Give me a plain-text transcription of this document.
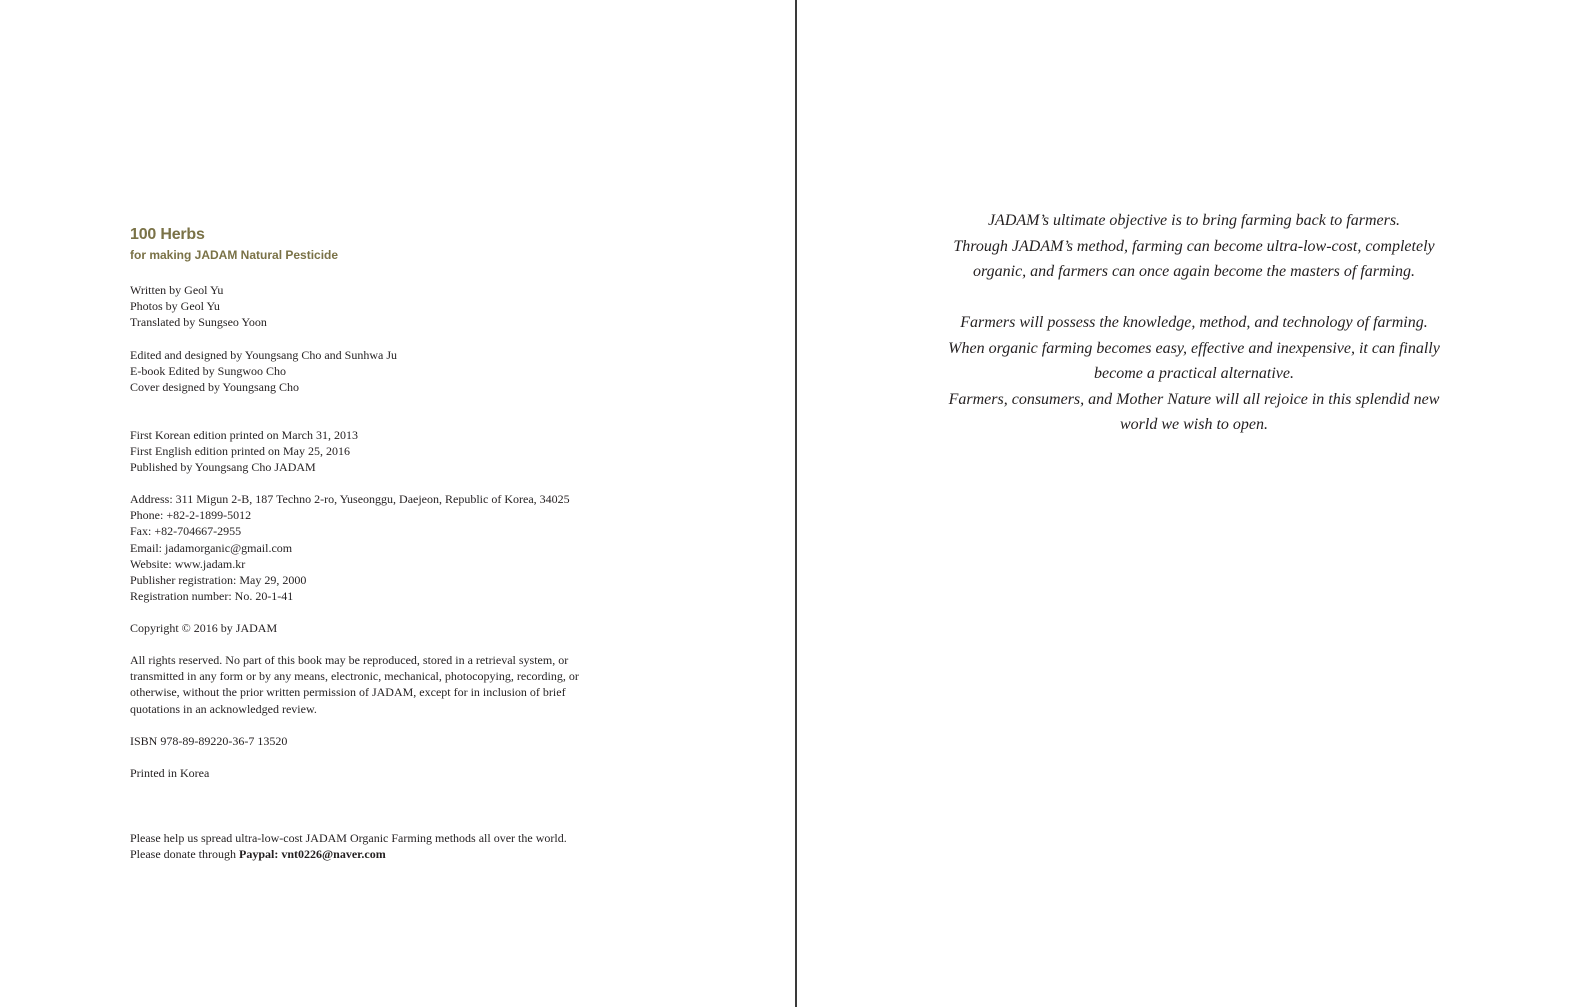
100 Herbs
for making JADAM Natural Pesticide
Written by Geol Yu
Photos by Geol Yu
Translated by Sungseo Yoon
Edited and designed by Youngsang Cho and Sunhwa Ju
E-book Edited by Sungwoo Cho
Cover designed by Youngsang Cho
First Korean edition printed on March 31, 2013
First English edition printed on May 25, 2016
Published by Youngsang Cho JADAM
Address: 311 Migun 2-B, 187 Techno 2-ro, Yuseonggu, Daejeon, Republic of Korea, 34025
Phone: +82-2-1899-5012
Fax: +82-704667-2955
Email: jadamorganic@gmail.com
Website: www.jadam.kr
Publisher registration: May 29, 2000
Registration number: No. 20-1-41
Copyright © 2016 by JADAM
All rights reserved. No part of this book may be reproduced, stored in a retrieval system, or
transmitted in any form or by any means, electronic, mechanical, photocopying, recording, or
otherwise, without the prior written permission of JADAM, except for in inclusion of brief
quotations in an acknowledged review.
ISBN 978-89-89220-36-7 13520
Printed in Korea
Please help us spread ultra-low-cost JADAM Organic Farming methods all over the world.
Please donate through Paypal: vnt0226@naver.com
JADAM’s ultimate objective is to bring farming back to farmers.
Through JADAM’s method, farming can become ultra-low-cost, completely
organic, and farmers can once again become the masters of farming.
Farmers will possess the knowledge, method, and technology of farming.
When organic farming becomes easy, effective and inexpensive, it can finally
become a practical alternative.
Farmers, consumers, and Mother Nature will all rejoice in this splendid new
world we wish to open.
